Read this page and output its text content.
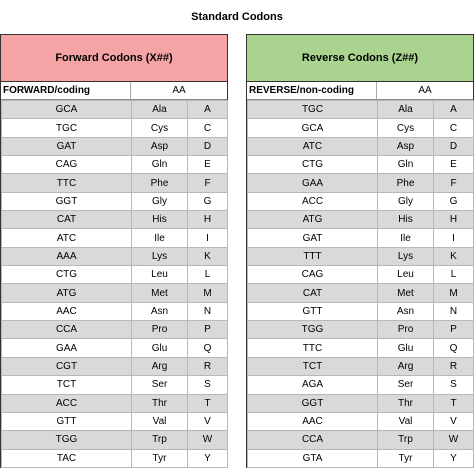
Standard Codons
Forward Codons (X##)
FORWARD/coding	AA
GCA	Ala	A
TGC	Cys	C
GAT	Asp	D
CAG	Gln	E
TTC	Phe	F
GGT	Gly	G
CAT	His	H
ATC	Ile	I
AAA	Lys	K
CTG	Leu	L
ATG	Met	M
AAC	Asn	N
CCA	Pro	P
GAA	Glu	Q
CGT	Arg	R
TCT	Ser	S
ACC	Thr	T
GTT	Val	V
TGG	Trp	W
TAC	Tyr	Y
Reverse Codons (Z##)
REVERSE/non-coding	AA
TGC	Ala	A
GCA	Cys	C
ATC	Asp	D
CTG	Gln	E
GAA	Phe	F
ACC	Gly	G
ATG	His	H
GAT	Ile	I
TTT	Lys	K
CAG	Leu	L
CAT	Met	M
GTT	Asn	N
TGG	Pro	P
TTC	Glu	Q
TCT	Arg	R
AGA	Ser	S
GGT	Thr	T
AAC	Val	V
CCA	Trp	W
GTA	Tyr	Y
